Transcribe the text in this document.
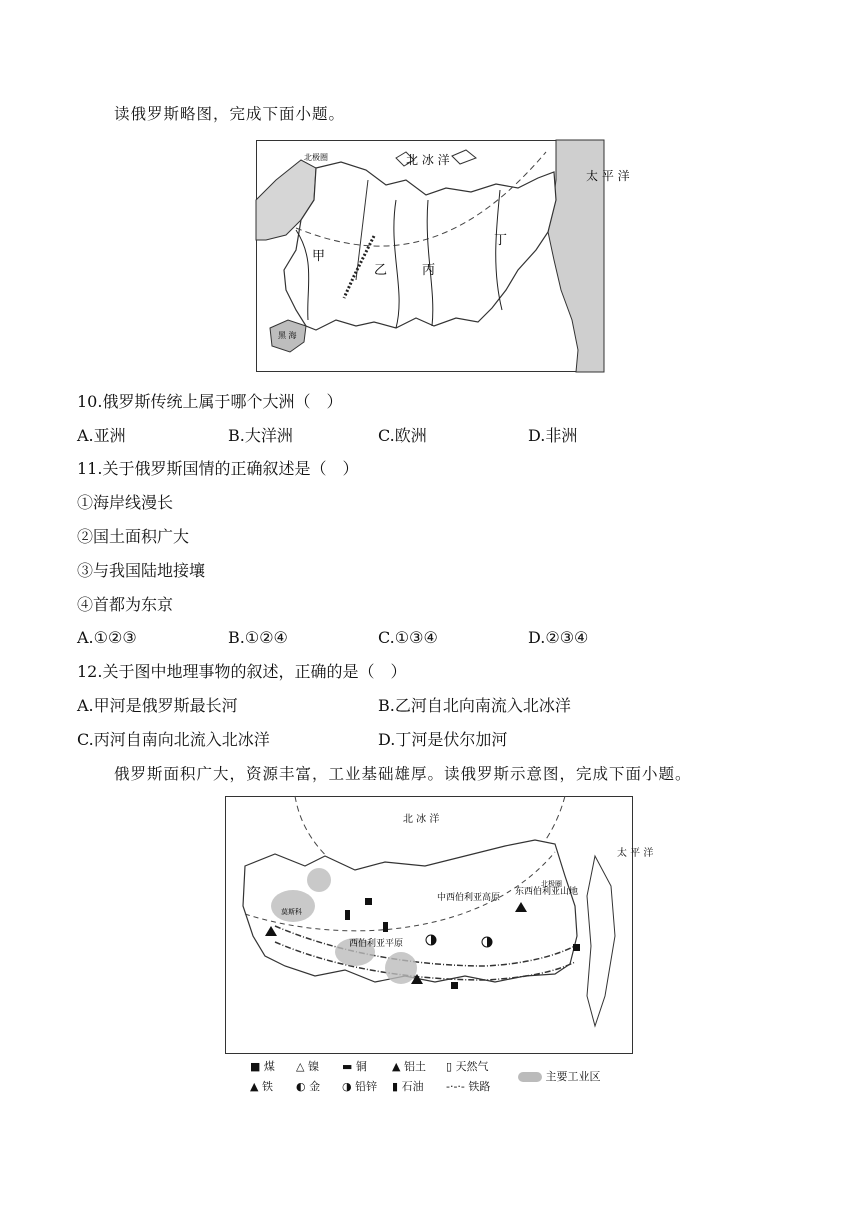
读俄罗斯略图，完成下面小题。
北 冰 洋
太 平 洋
甲
乙	丙
丁
北极圈
黑 海
10.俄罗斯传统上属于哪个大洲（　）
A.亚洲	B.大洋洲	C.欧洲	D.非洲
11.关于俄罗斯国情的正确叙述是（　）
①海岸线漫长
②国土面积广大
③与我国陆地接壤
④首都为东京
A.①②③	B.①②④	C.①③④	D.②③④
12.关于图中地理事物的叙述，正确的是（　）
A.甲河是俄罗斯最长河	B.乙河自北向南流入北冰洋
C.丙河自南向北流入北冰洋	D.丁河是伏尔加河
俄罗斯面积广大，资源丰富，工业基础雄厚。读俄罗斯示意图，完成下面小题。
北 冰 洋
太 平 洋
中西伯利亚高原
东西伯利亚山地
西伯利亚平原
莫斯科
北极圈
■ 煤 △ 镍 ▬ 铜 ▲ 铝土 ▯ 天然气
▲ 铁 ◐ 金 ◑ 铅锌 ▮ 石油 -·-·- 铁路
主要工业区
